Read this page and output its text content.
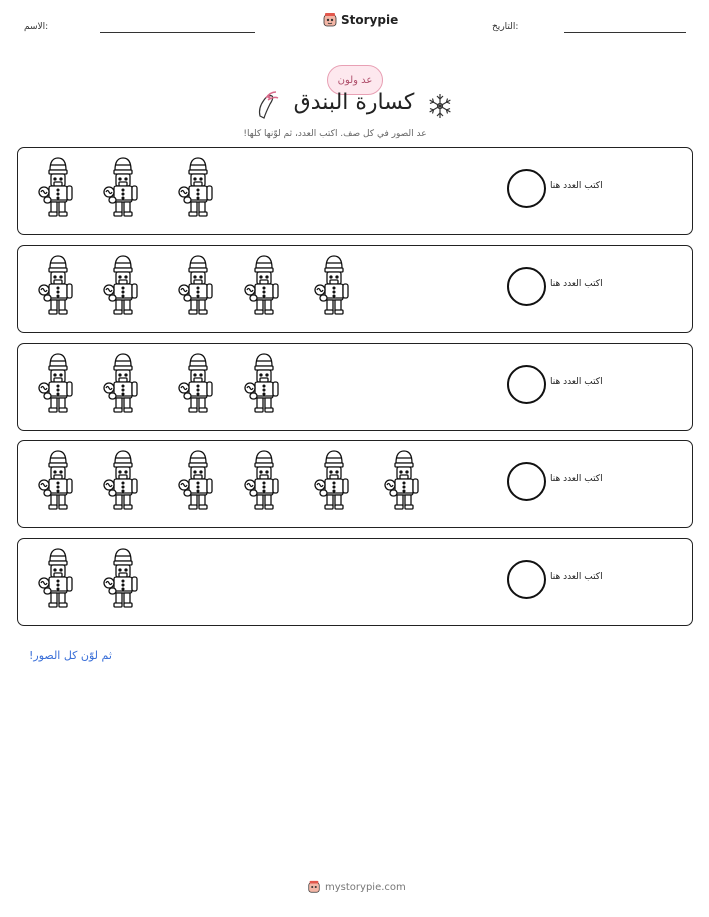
الاسم:	Storypie	التاريخ:
عد ولون
كسارة البندق
عد الصور في كل صف. اكتب العدد، ثم لوّنها كلها!
اكتب العدد هنا
اكتب العدد هنا
اكتب العدد هنا
اكتب العدد هنا
اكتب العدد هنا
ثم لوّن كل الصور!
mystorypie.com
